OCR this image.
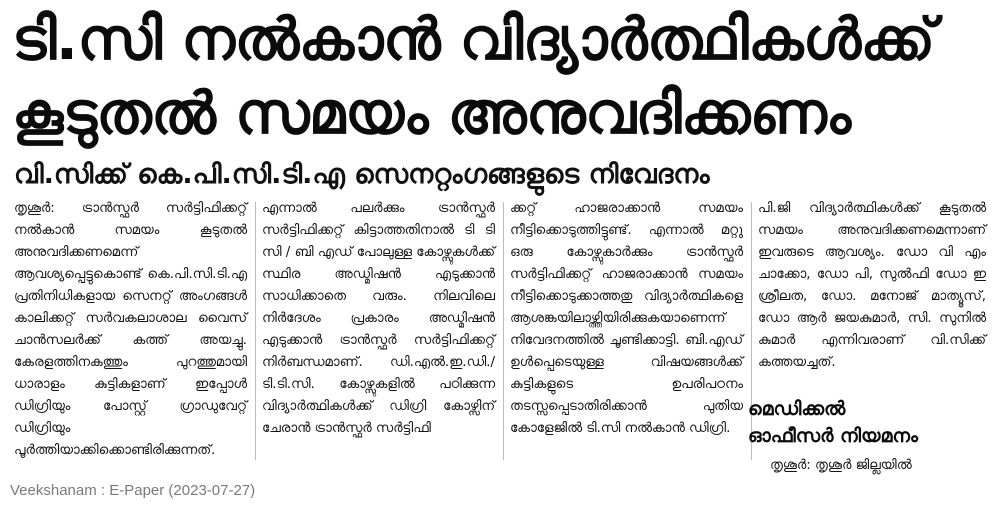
ടി.സി നൽകാൻ വിദ്യാർത്ഥികൾക്ക്
കൂടുതൽ സമയം അനുവദിക്കണം
വി.സിക്ക് കെ.പി.സി.ടി.എ സെനറ്റംഗങ്ങളുടെ നിവേദനം
തൃശൂർ: ട്രാൻസ്ഫർ സർട്ടിഫിക്കറ്റ് നൽകാൻ സമയം കൂടുതൽ അനുവദിക്കണമെന്ന് ആവശ്യപ്പെട്ടുകൊണ്ട് കെ.പി.സി.ടി.എ പ്രതിനിധികളായ സെനറ്റ് അംഗങ്ങൾ കാലിക്കറ്റ് സർവകലാശാല വൈസ് ചാൻസലർക്ക് കത്ത് അയച്ചു. കേരളത്തിനകത്തും പുറത്തുമായി ധാരാളം കുട്ടികളാണ് ഇപ്പോൾ ഡിഗ്രിയും പോസ്റ്റ് ഗ്രാഡുവേറ്റ് ഡിഗ്രിയും പൂർത്തിയാക്കിക്കൊണ്ടിരിക്കുന്നത്.
എന്നാൽ പലർക്കും ട്രാൻസ്ഫർ സർട്ടിഫിക്കറ്റ് കിട്ടാത്തതിനാൽ ടി ടി സി / ബി എഡ് പോലുള്ള കോഴ്സുകൾക്ക് സ്ഥിര അഡ്മിഷൻ എടുക്കാൻ സാധിക്കാതെ വരും. നിലവിലെ നിർദേശം പ്രകാരം അഡ്മിഷൻ എടുക്കാൻ ട്രാൻസ്ഫർ സർട്ടിഫിക്കറ്റ് നിർബന്ധമാണ്. ഡി.എൽ.ഇ.ഡി./ടി.ടി.സി. കോഴ്സുകളിൽ പഠിക്കുന്ന വിദ്യാർത്ഥികൾക്ക് ഡിഗ്രി കോഴ്സിന് ചേരാൻ ട്രാൻസ്ഫർ സർട്ടിഫി
ക്കറ്റ് ഹാജരാക്കാൻ സമയം നീട്ടിക്കൊടുത്തിട്ടുണ്ട്. എന്നാൽ മറ്റു ഒരു കോഴ്സുകാർക്കും ട്രാൻസ്ഫർ സർട്ടിഫിക്കറ്റ് ഹാജരാക്കാൻ സമയം നീട്ടിക്കൊടുക്കാത്തതു വിദ്യാർത്ഥികളെ ആശങ്കയിലാഴ്ത്തിയിരിക്കുകയാണെന്ന് നിവേദനത്തിൽ ചൂണ്ടിക്കാട്ടി. ബി.എഡ് ഉൾപ്പെടെയുള്ള വിഷയങ്ങൾക്ക് കുട്ടികളുടെ ഉപരിപഠനം തടസ്സപ്പെടാതിരിക്കാൻ പുതിയ കോളേജിൽ ടി.സി നൽകാൻ ഡിഗ്രി.
പി.ജി വിദ്യാർത്ഥികൾക്ക് കൂടുതൽ സമയം അനുവദിക്കണമെന്നാണ് ഇവരുടെ ആവശ്യം. ഡോ വി എം ചാക്കോ, ഡോ പി, സുൽഫി ഡോ ഇ ശ്രീലത, ഡോ. മനോജ് മാത്യൂസ്, ഡോ ആർ ജയകുമാർ, സി. സുനിൽ കുമാർ എന്നിവരാണ് വി.സിക്ക് കത്തയച്ചത്.
മെഡിക്കൽ
ഓഫീസർ നിയമനം
തൃശൂർ: തൃശൂർ ജില്ലയിൽ
Veekshanam : E-Paper (2023-07-27)
